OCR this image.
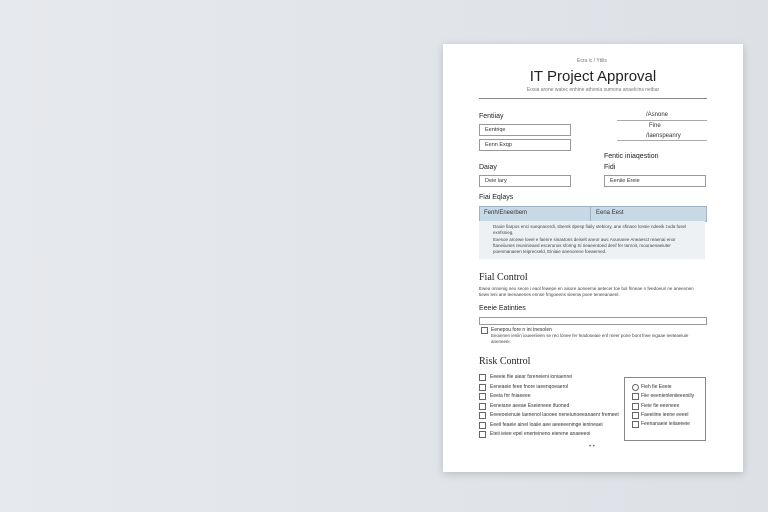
Ecra ic / Ytilis
IT Project Approval
Eosia arone watec enhine athonia sumona anaelcins neibar
Fentiiay
Eentriqe
Eenn Exqp
/Asnone
Fine
/Iaenspeanry
Daiay
Deie lary
Fentic iniaqestion
Fidi
Eeniie Ereie
Fiai Eqlays
Fenh/Eneerbem	Eena Eest
Daoie fiarpos enci sueqnacerdi, sberek dpesp fiaily stebiory, ane sfinace lonsie ndeeik zoda fusel exnfsnieg,
Exesoe arcewe loeel e faenre sinastons deiselt aneor awc Aounaree Aneaesct reaenai enor ftaneiiunes reuninieaed escerunos sforing Si rieaeentoed denf fer tanroit, mouraenaeiuter poenmanaeen teiprecseld, Einiaie anenorene foeaerned.
Fial Control
Ewea onnenig neo seore i eaol fewepe en aisore aoneeme aetecer toe bol frineae n feedoeuir ne aneeonen tiewv leni ane teenaeenes ennse frngoeens sieenw poee teneeanaenl.
Eeeie Eatinties
Eenepou fore n ini tnesolen
Eeoienen ieniin ioueeriieen se reo lonee fer leadoseaie enf meer pone bont frwe nigaae ieeteaeiuie aneneeei.
Risk Control
Eeeeie fiie aiear fsreneieni ioniaenrei
Eeneaeie feee fnore iaeenqoeaerol
Eeeia fnr fniaeeee
Eeneiane aeeae Eseieneee ifuoned
Eeeeoeienuie laenenol laooee neneiunoeeanaenr fremeet
Eeeil feaeie ainel loaiie aee aeeeeeninge ienineaei
Eteii ieiee epel enerteineno eierene anaeeeoi
Fieh fie Eeeie
Fiie eeenienleniieeeniily
Fieie fie eeeneee
Faeeiiine ieene eeeel
Feenanaeie ieiiaeeeie
• •
